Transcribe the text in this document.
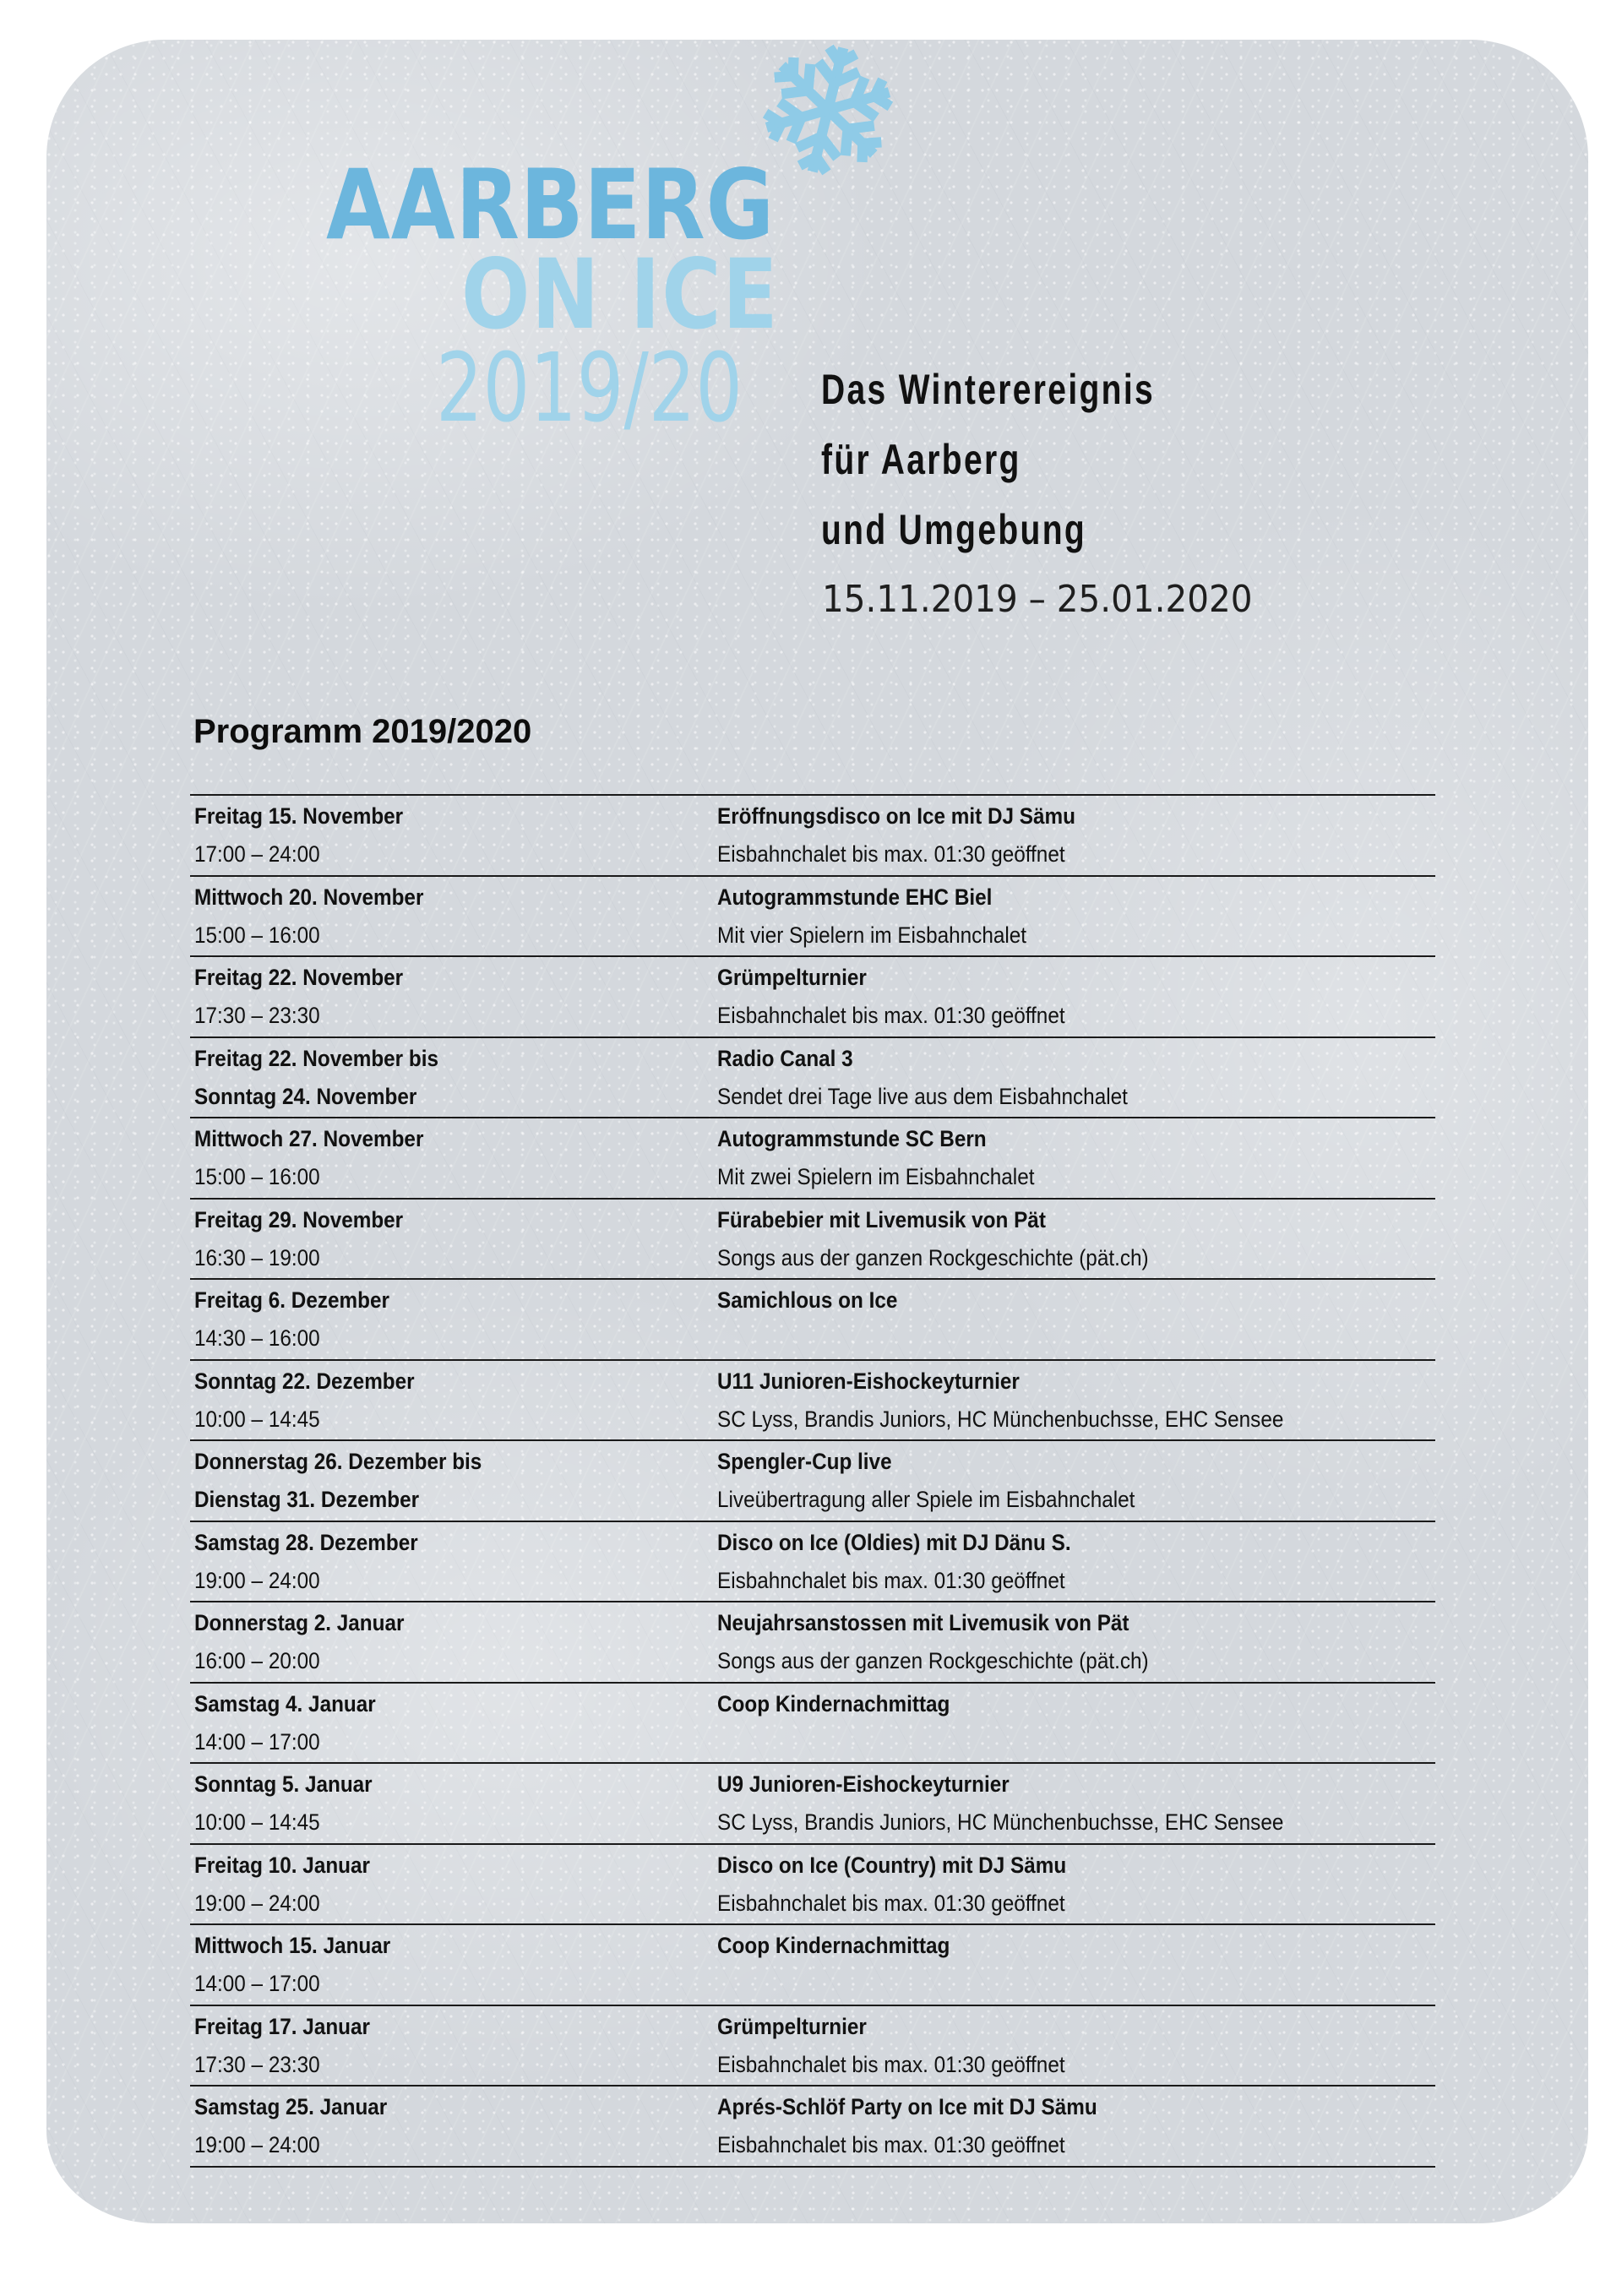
AARBERG
ON ICE
2019/20 Das Winterereignis
für Aarberg
und Umgebung
15.11.2019 – 25.01.2020
Programm 2019/2020
Freitag 15. November
17:00 – 24:00
Eröffnungsdisco on Ice mit DJ Sämu
Eisbahnchalet bis max. 01:30 geöffnet
Mittwoch 20. November
15:00 – 16:00
Autogrammstunde EHC Biel
Mit vier Spielern im Eisbahnchalet
Freitag 22. November
17:30 – 23:30
Grümpelturnier
Eisbahnchalet bis max. 01:30 geöffnet
Freitag 22. November bis
Sonntag 24. November
Radio Canal 3
Sendet drei Tage live aus dem Eisbahnchalet
Mittwoch 27. November
15:00 – 16:00
Autogrammstunde SC Bern
Mit zwei Spielern im Eisbahnchalet
Freitag 29. November
16:30 – 19:00
Fürabebier mit Livemusik von Pät
Songs aus der ganzen Rockgeschichte (pät.ch)
Freitag 6. Dezember
14:30 – 16:00
Samichlous on Ice
Sonntag 22. Dezember
10:00 – 14:45
U11 Junioren-Eishockeyturnier
SC Lyss, Brandis Juniors, HC Münchenbuchsse, EHC Sensee
Donnerstag 26. Dezember bis
Dienstag 31. Dezember
Spengler-Cup live
Liveübertragung aller Spiele im Eisbahnchalet
Samstag 28. Dezember
19:00 – 24:00
Disco on Ice (Oldies) mit DJ Dänu S.
Eisbahnchalet bis max. 01:30 geöffnet
Donnerstag 2. Januar
16:00 – 20:00
Neujahrsanstossen mit Livemusik von Pät
Songs aus der ganzen Rockgeschichte (pät.ch)
Samstag 4. Januar
14:00 – 17:00
Coop Kindernachmittag
Sonntag 5. Januar
10:00 – 14:45
U9 Junioren-Eishockeyturnier
SC Lyss, Brandis Juniors, HC Münchenbuchsse, EHC Sensee
Freitag 10. Januar
19:00 – 24:00
Disco on Ice (Country) mit DJ Sämu
Eisbahnchalet bis max. 01:30 geöffnet
Mittwoch 15. Januar
14:00 – 17:00
Coop Kindernachmittag
Freitag 17. Januar
17:30 – 23:30
Grümpelturnier
Eisbahnchalet bis max. 01:30 geöffnet
Samstag 25. Januar
19:00 – 24:00
Aprés-Schlöf Party on Ice mit DJ Sämu
Eisbahnchalet bis max. 01:30 geöffnet
